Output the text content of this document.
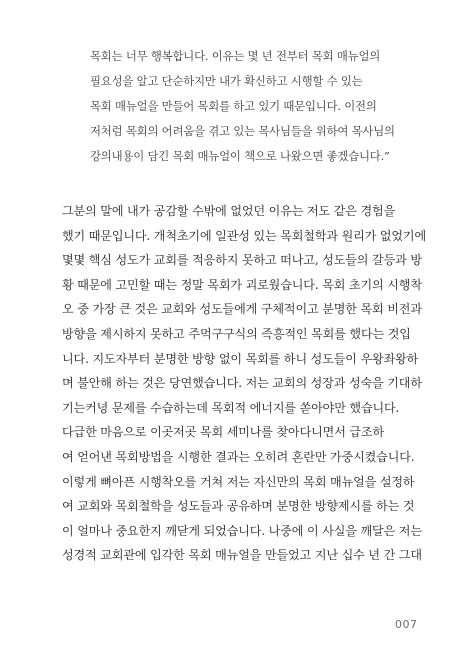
목회는 너무 행복합니다. 이유는 몇 년 전부터 목회 매뉴얼의
필요성을 알고 단순하지만 내가 확신하고 시행할 수 있는
목회 매뉴얼을 만들어 목회를 하고 있기 때문입니다. 이전의
저처럼 목회의 어려움을 겪고 있는 목사님들을 위하여 목사님의
강의내용이 담긴 목회 매뉴얼이 책으로 나왔으면 좋겠습니다.”
그분의 말에 내가 공감할 수밖에 없었던 이유는 저도 같은 경험을
했기 때문입니다. 개척초기에 일관성 있는 목회철학과 원리가 없었기에
몇몇 핵심 성도가 교회를 적응하지 못하고 떠나고, 성도들의 갈등과 방
황 때문에 고민할 때는 정말 목회가 괴로웠습니다. 목회 초기의 시행착
오 중 가장 큰 것은 교회와 성도들에게 구체적이고 분명한 목회 비전과
방향을 제시하지 못하고 주먹구구식의 즉흥적인 목회를 했다는 것입
니다. 지도자부터 분명한 방향 없이 목회를 하니 성도들이 우왕좌왕하
며 불안해 하는 것은 당연했습니다. 저는 교회의 성장과 성숙을 기대하
기는커녕 문제를 수습하는데 목회적 에너지를 쏟아야만 했습니다.
다급한 마음으로 이곳저곳 목회 세미나를 찾아다니면서 급조하
여 얻어낸 목회방법을 시행한 결과는 오히려 혼란만 가중시켰습니다.
이렇게 뼈아픈 시행착오를 거쳐 저는 자신만의 목회 매뉴얼을 설정하
여 교회와 목회철학을 성도들과 공유하며 분명한 방향제시를 하는 것
이 얼마나 중요한지 깨닫게 되었습니다. 나중에 이 사실을 깨달은 저는
성경적 교회관에 입각한 목회 매뉴얼을 만들었고 지난 십수 년 간 그대
007
